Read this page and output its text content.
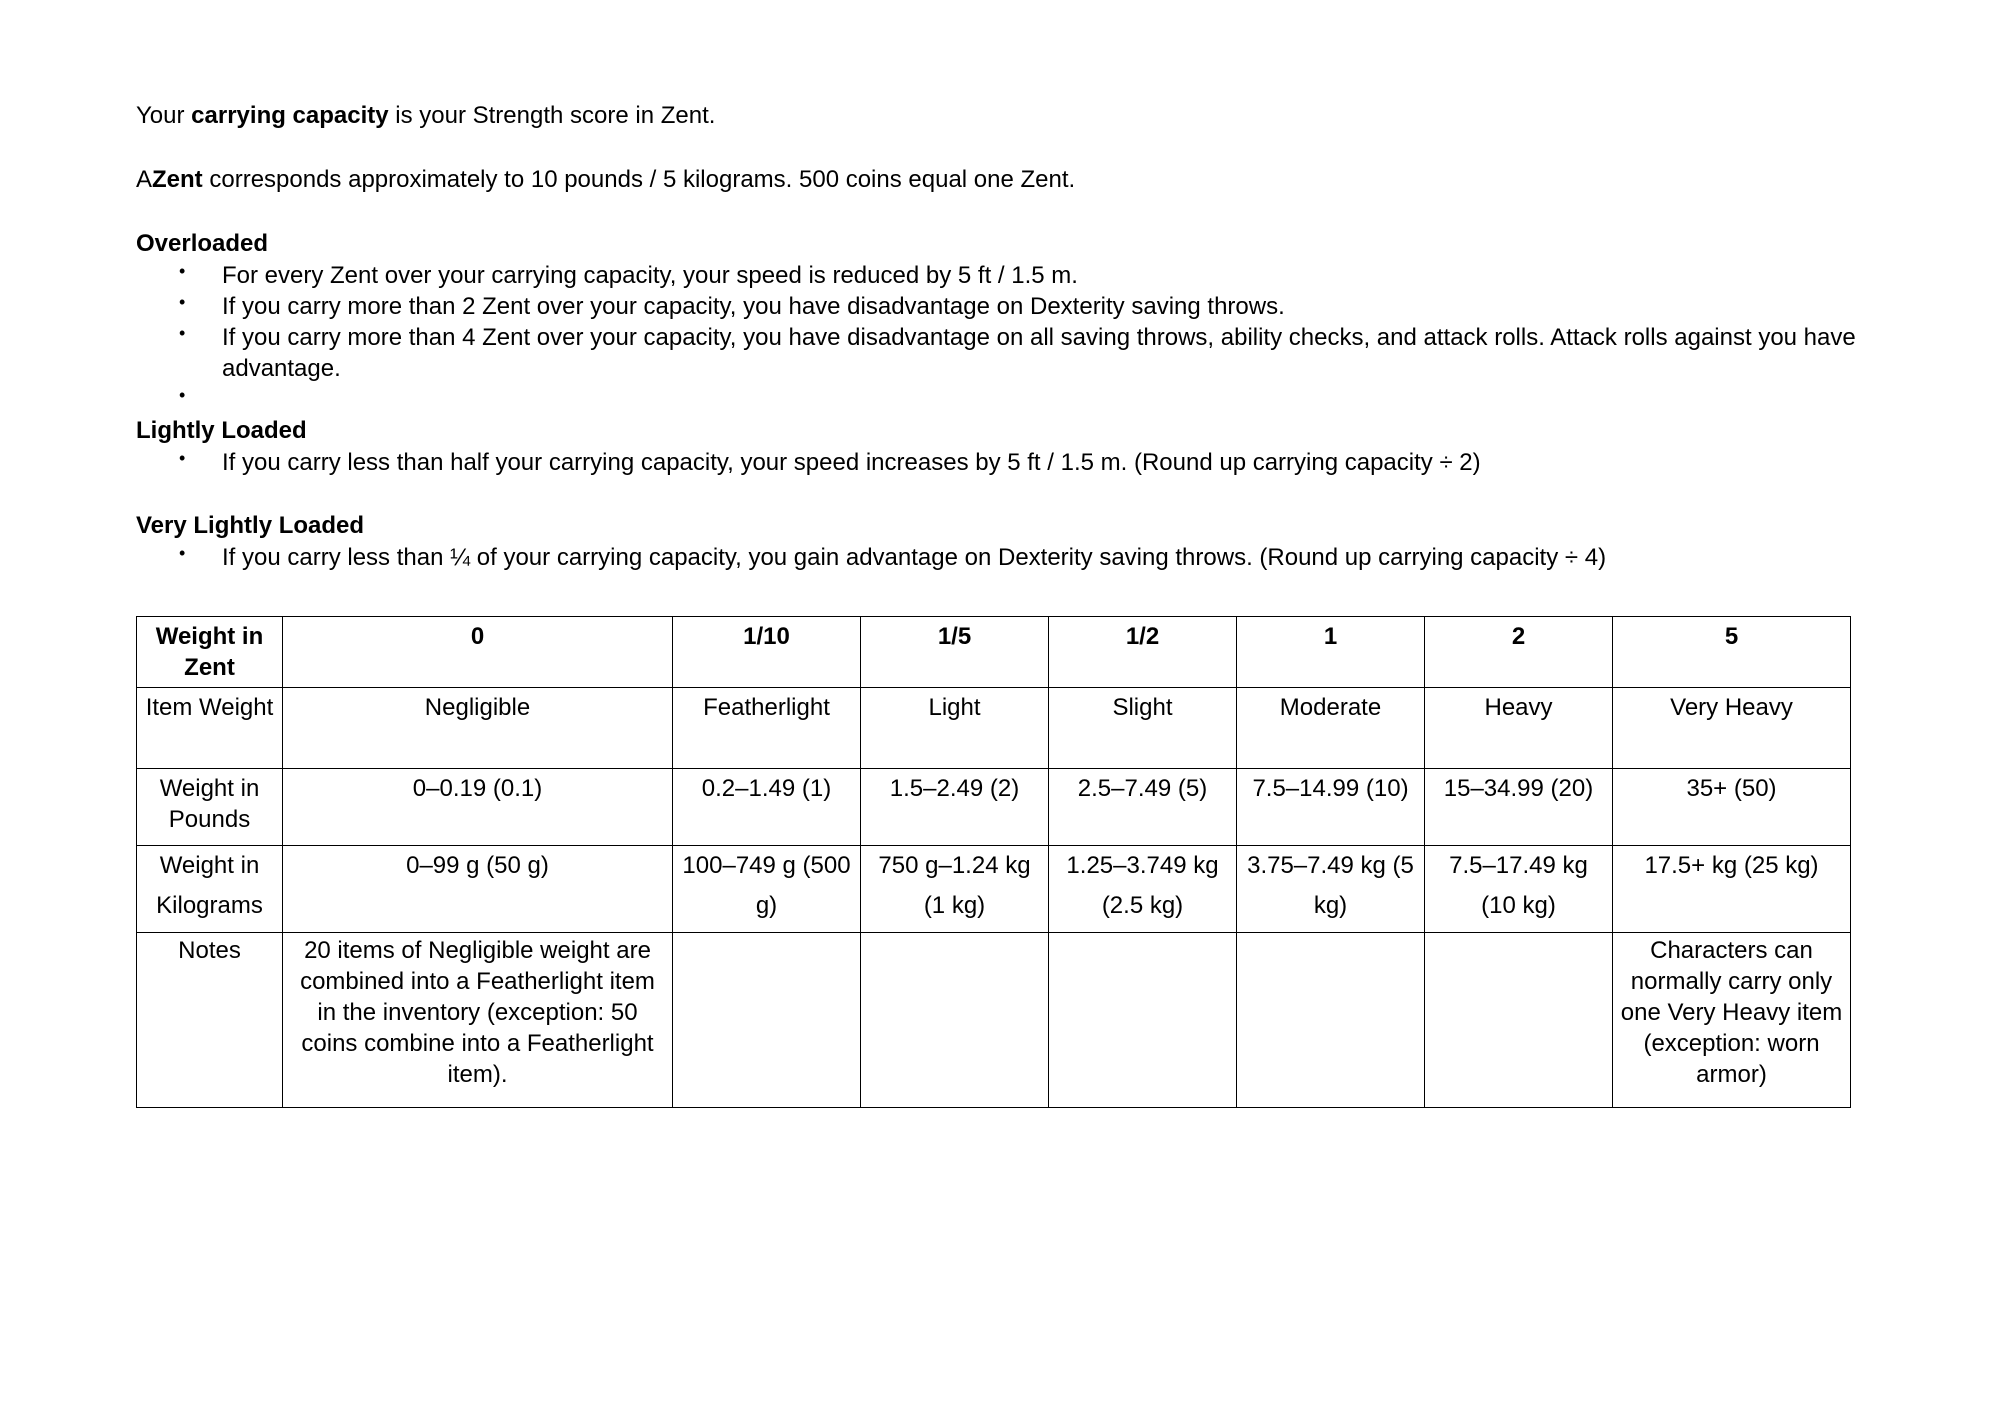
Your carrying capacity is your Strength score in Zent.

AZent corresponds approximately to 10 pounds / 5 kilograms. 500 coins equal one Zent.

Overloaded
• For every Zent over your carrying capacity, your speed is reduced by 5 ft / 1.5 m.
• If you carry more than 2 Zent over your capacity, you have disadvantage on Dexterity saving throws.
• If you carry more than 4 Zent over your capacity, you have disadvantage on all saving throws, ability checks, and attack rolls. Attack rolls against you have advantage.
•
Lightly Loaded
• If you carry less than half your carrying capacity, your speed increases by 5 ft / 1.5 m. (Round up carrying capacity ÷ 2)
Very Lightly Loaded
• If you carry less than ¼ of your carrying capacity, you gain advantage on Dexterity saving throws. (Round up carrying capacity ÷ 4)
Weight in Zent	0	1/10	1/5	1/2	1	2	5
Item Weight	Negligible	Featherlight	Light	Slight	Moderate	Heavy	Very Heavy
Weight in Pounds	0–0.19 (0.1)	0.2–1.49 (1)	1.5–2.49 (2)	2.5–7.49 (5)	7.5–14.99 (10)	15–34.99 (20)	35+ (50)
Weight in Kilograms	0–99 g (50 g)	100–749 g (500 g)	750 g–1.24 kg (1 kg)	1.25–3.749 kg (2.5 kg)	3.75–7.49 kg (5 kg)	7.5–17.49 kg (10 kg)	17.5+ kg (25 kg)
Notes	20 items of Negligible weight are combined into a Featherlight item in the inventory (exception: 50 coins combine into a Featherlight item).						Characters can normally carry only one Very Heavy item (exception: worn armor)
